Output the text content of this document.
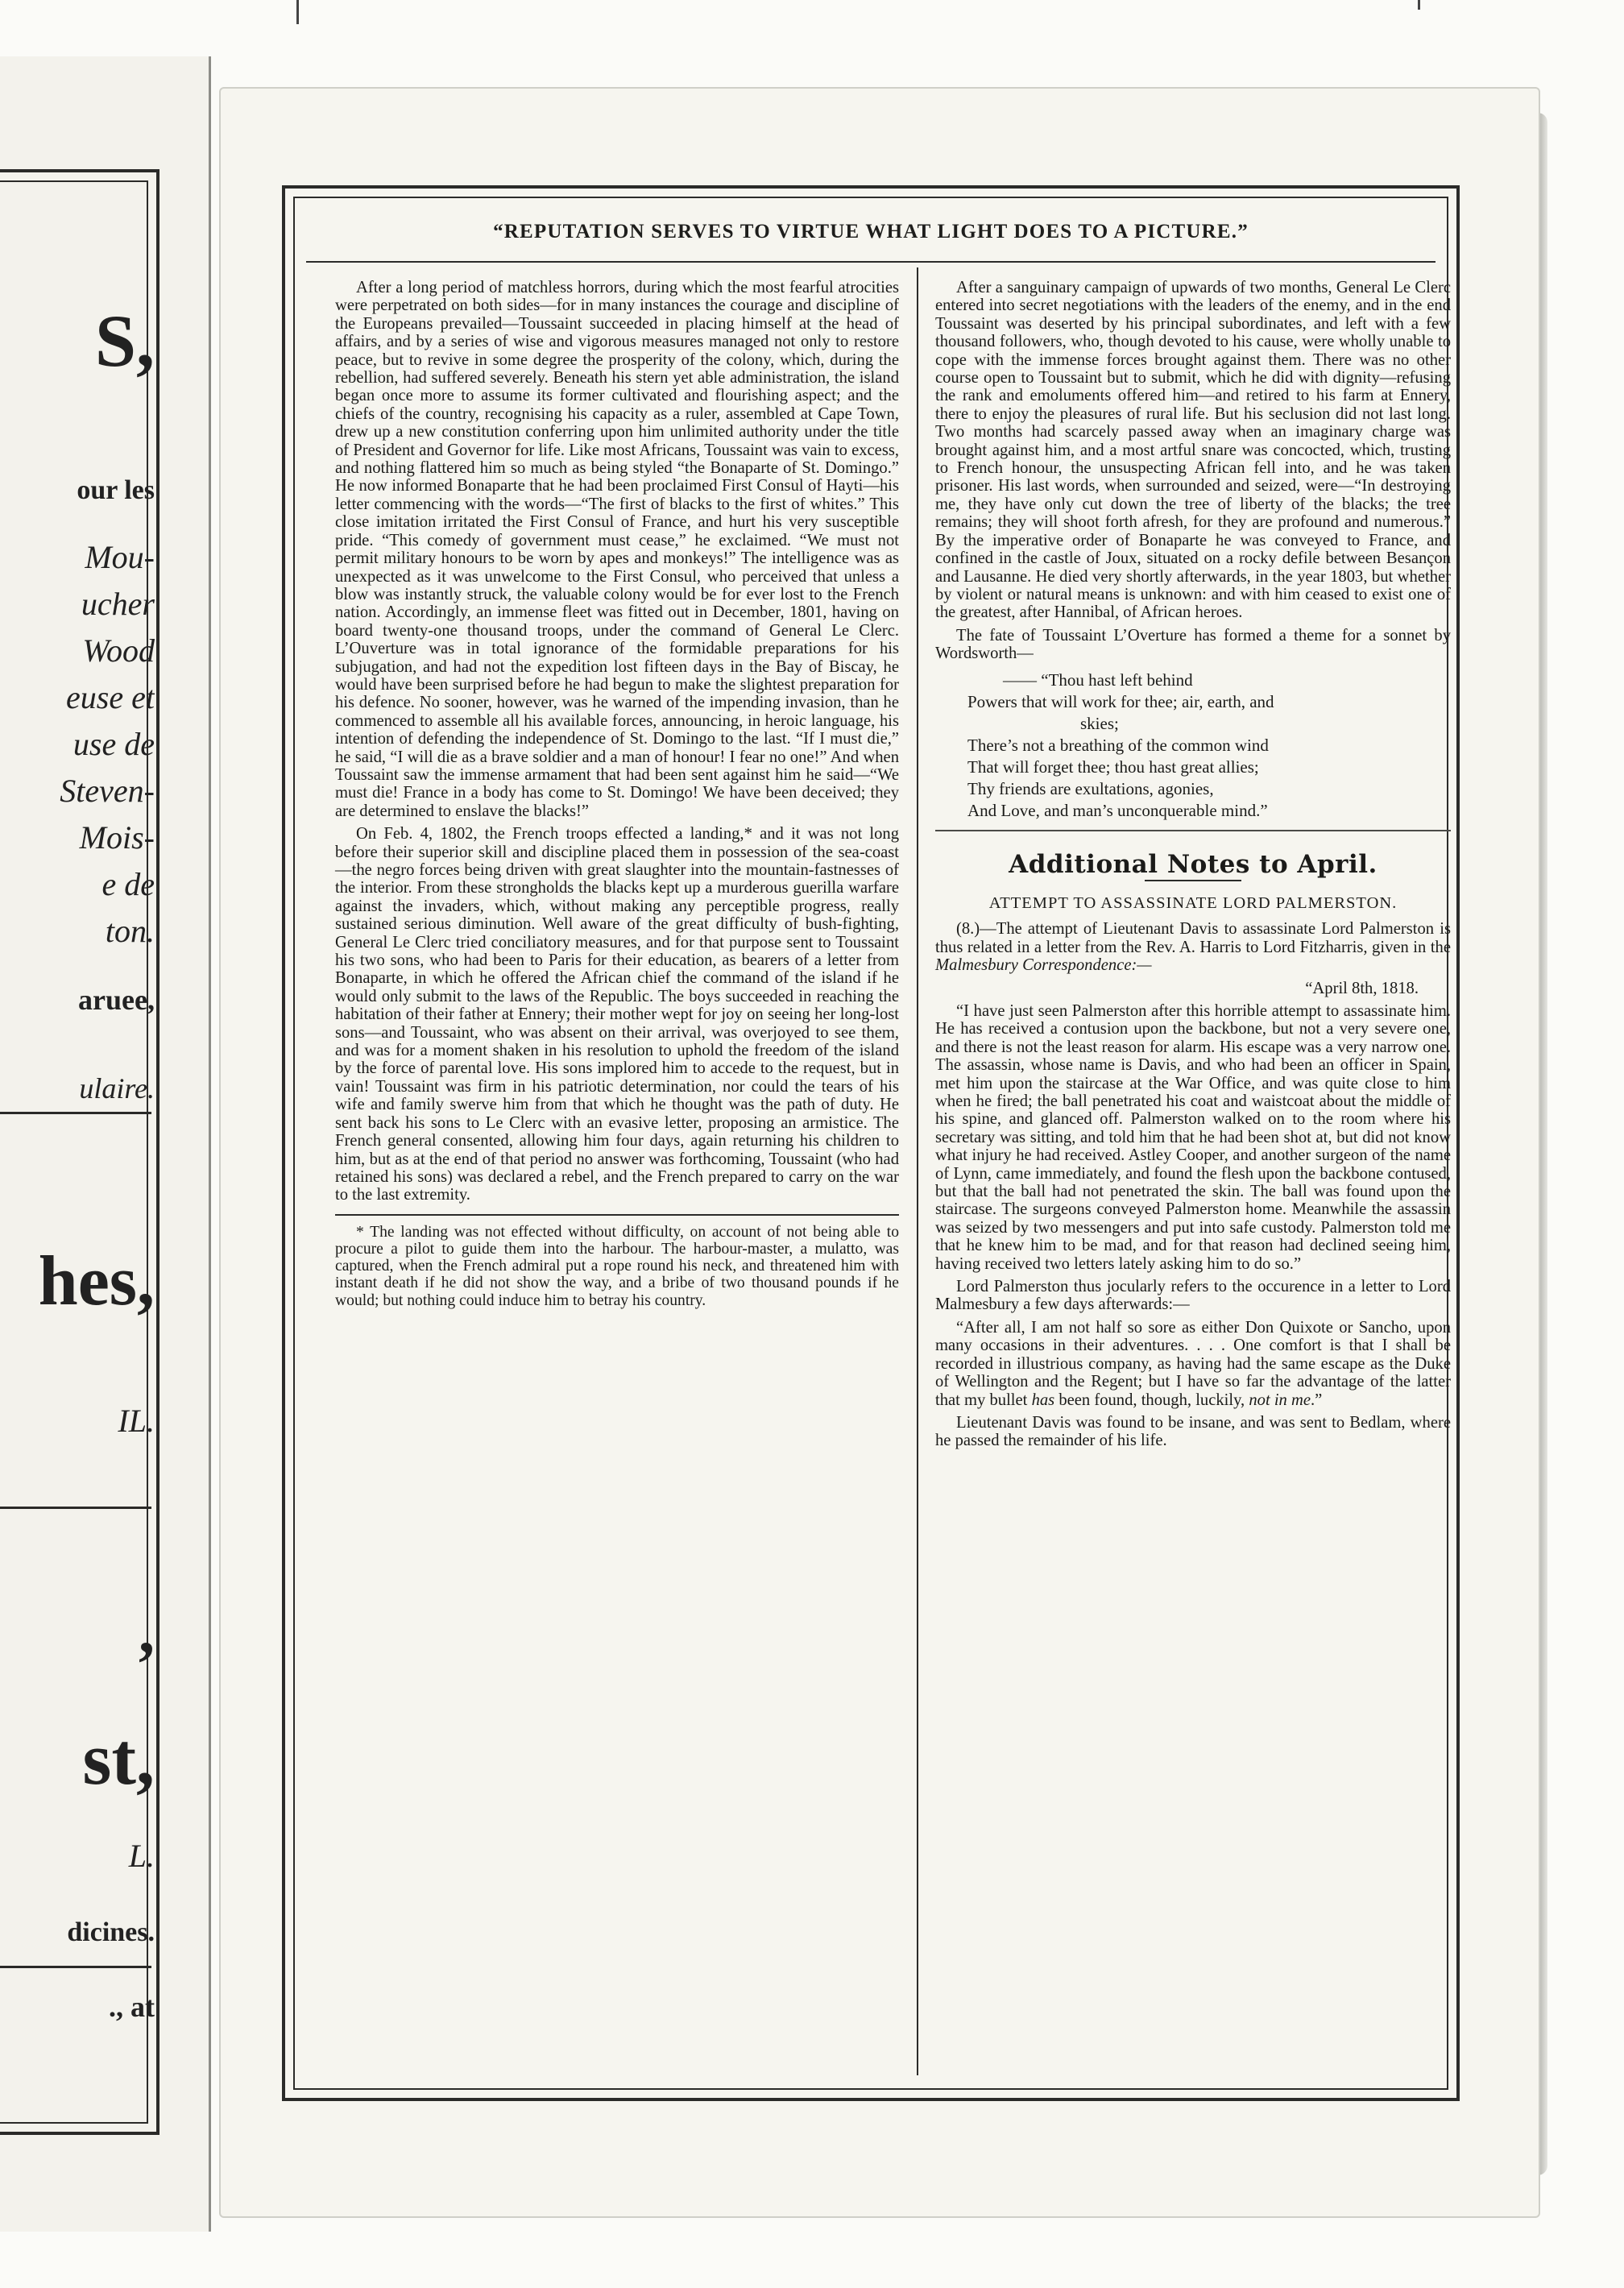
S,
our les
Mou-
ucher
Wood
euse et
use de
Steven-
Mois-
e de
ton.
aruee,
ulaire.
hes,
IL.
,
st,
L.
dicines.
., at
“REPUTATION SERVES TO VIRTUE WHAT LIGHT DOES TO A PICTURE.”

After a long period of matchless horrors, during which the most fearful atrocities were perpetrated on both sides—for in many instances the courage and discipline of the Europeans prevailed—Toussaint succeeded in placing himself at the head of affairs, and by a series of wise and vigorous measures managed not only to restore peace, but to revive in some degree the prosperity of the colony, which, during the rebellion, had suffered severely. Beneath his stern yet able administration, the island began once more to assume its former cultivated and flourishing aspect; and the chiefs of the country, recognising his capacity as a ruler, assembled at Cape Town, drew up a new constitution conferring upon him unlimited authority under the title of President and Governor for life. Like most Africans, Toussaint was vain to excess, and nothing flattered him so much as being styled “the Bonaparte of St. Domingo.” He now informed Bonaparte that he had been proclaimed First Consul of Hayti—his letter commencing with the words—“The first of blacks to the first of whites.” This close imitation irritated the First Consul of France, and hurt his very susceptible pride. “This comedy of government must cease,” he exclaimed. “We must not permit military honours to be worn by apes and monkeys!” The intelligence was as unexpected as it was unwelcome to the First Consul, who perceived that unless a blow was instantly struck, the valuable colony would be for ever lost to the French nation. Accordingly, an immense fleet was fitted out in December, 1801, having on board twenty-one thousand troops, under the command of General Le Clerc. L’Ouverture was in total ignorance of the formidable preparations for his subjugation, and had not the expedition lost fifteen days in the Bay of Biscay, he would have been surprised before he had begun to make the slightest preparation for his defence. No sooner, however, was he warned of the impending invasion, than he commenced to assemble all his available forces, announcing, in heroic language, his intention of defending the independence of St. Domingo to the last. “If I must die,” he said, “I will die as a brave soldier and a man of honour! I fear no one!” And when Toussaint saw the immense armament that had been sent against him he said—“We must die! France in a body has come to St. Domingo! We have been deceived; they are determined to enslave the blacks!”

On Feb. 4, 1802, the French troops effected a landing,* and it was not long before their superior skill and discipline placed them in possession of the sea-coast—the negro forces being driven with great slaughter into the mountain-fastnesses of the interior. From these strongholds the blacks kept up a murderous guerilla warfare against the invaders, which, without making any perceptible progress, really sustained serious diminution. Well aware of the great difficulty of bush-fighting, General Le Clerc tried conciliatory measures, and for that purpose sent to Toussaint his two sons, who had been to Paris for their education, as bearers of a letter from Bonaparte, in which he offered the African chief the command of the island if he would only submit to the laws of the Republic. The boys succeeded in reaching the habitation of their father at Ennery; their mother wept for joy on seeing her long-lost sons—and Toussaint, who was absent on their arrival, was overjoyed to see them, and was for a moment shaken in his resolution to uphold the freedom of the island by the force of parental love. His sons implored him to accede to the request, but in vain! Toussaint was firm in his patriotic determination, nor could the tears of his wife and family swerve him from that which he thought was the path of duty. He sent back his sons to Le Clerc with an evasive letter, proposing an armistice. The French general consented, allowing him four days, again returning his children to him, but as at the end of that period no answer was forthcoming, Toussaint (who had retained his sons) was declared a rebel, and the French prepared to carry on the war to the last extremity.

* The landing was not effected without difficulty, on account of not being able to procure a pilot to guide them into the harbour. The harbour-master, a mulatto, was captured, when the French admiral put a rope round his neck, and threatened him with instant death if he did not show the way, and a bribe of two thousand pounds if he would; but nothing could induce him to betray his country.

After a sanguinary campaign of upwards of two months, General Le Clerc entered into secret negotiations with the leaders of the enemy, and in the end Toussaint was deserted by his principal subordinates, and left with a few thousand followers, who, though devoted to his cause, were wholly unable to cope with the immense forces brought against them. There was no other course open to Toussaint but to submit, which he did with dignity—refusing the rank and emoluments offered him—and retired to his farm at Ennery, there to enjoy the pleasures of rural life. But his seclusion did not last long. Two months had scarcely passed away when an imaginary charge was brought against him, and a most artful snare was concocted, which, trusting to French honour, the unsuspecting African fell into, and he was taken prisoner. His last words, when surrounded and seized, were—“In destroying me, they have only cut down the tree of liberty of the blacks; the tree remains; they will shoot forth afresh, for they are profound and numerous.” By the imperative order of Bonaparte he was conveyed to France, and confined in the castle of Joux, situated on a rocky defile between Besançon and Lausanne. He died very shortly afterwards, in the year 1803, but whether by violent or natural means is unknown: and with him ceased to exist one of the greatest, after Hannibal, of African heroes.

The fate of Toussaint L’Overture has formed a theme for a sonnet by Wordsworth—

—— “Thou hast left behind
Powers that will work for thee; air, earth, and
skies;
There’s not a breathing of the common wind
That will forget thee; thou hast great allies;
Thy friends are exultations, agonies,
And Love, and man’s unconquerable mind.”
Additional Notes to April.
ATTEMPT TO ASSASSINATE LORD PALMERSTON.

(8.)—The attempt of Lieutenant Davis to assassinate Lord Palmerston is thus related in a letter from the Rev. A. Harris to Lord Fitzharris, given in the Malmesbury Correspondence:—

“April 8th, 1818.

“I have just seen Palmerston after this horrible attempt to assassinate him. He has received a contusion upon the backbone, but not a very severe one, and there is not the least reason for alarm. His escape was a very narrow one. The assassin, whose name is Davis, and who had been an officer in Spain, met him upon the staircase at the War Office, and was quite close to him when he fired; the ball penetrated his coat and waistcoat about the middle of his spine, and glanced off. Palmerston walked on to the room where his secretary was sitting, and told him that he had been shot at, but did not know what injury he had received. Astley Cooper, and another surgeon of the name of Lynn, came immediately, and found the flesh upon the backbone contused, but that the ball had not penetrated the skin. The ball was found upon the staircase. The surgeons conveyed Palmerston home. Meanwhile the assassin was seized by two messengers and put into safe custody. Palmerston told me that he knew him to be mad, and for that reason had declined seeing him, having received two letters lately asking him to do so.”

Lord Palmerston thus jocularly refers to the occurence in a letter to Lord Malmesbury a few days afterwards:—

“After all, I am not half so sore as either Don Quixote or Sancho, upon many occasions in their adventures. . . . One comfort is that I shall be recorded in illustrious company, as having had the same escape as the Duke of Wellington and the Regent; but I have so far the advantage of the latter that my bullet has been found, though, luckily, not in me.”

Lieutenant Davis was found to be insane, and was sent to Bedlam, where he passed the remainder of his life.
